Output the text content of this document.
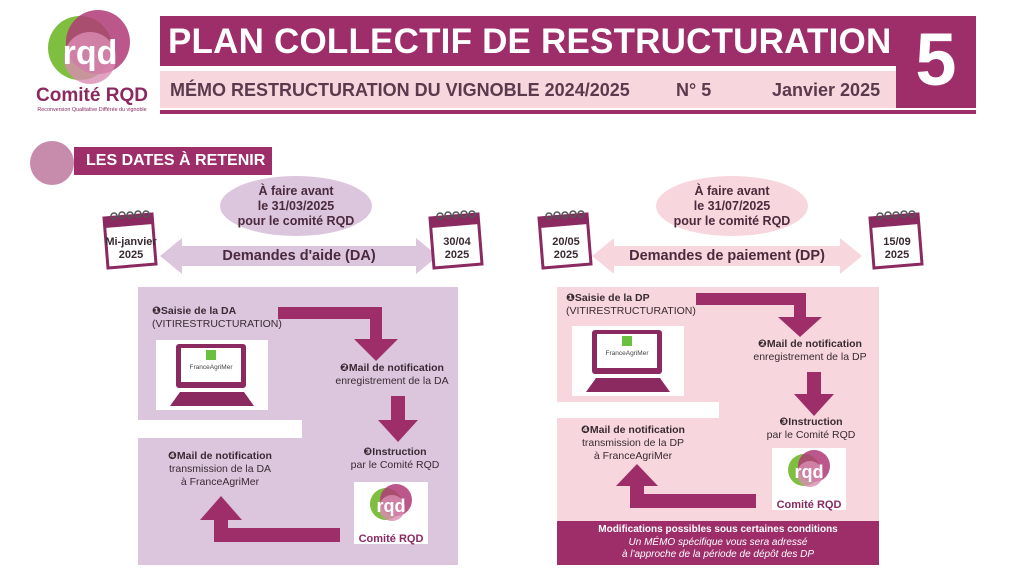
rqd
Comité RQD
Reconversion Qualitative Différée du vignoble
PLAN COLLECTIF DE RESTRUCTURATION
MÉMO RESTRUCTURATION DU VIGNOBLE 2024/2025	N° 5	Janvier 2025 5
LES DATES À RETENIR
À faire avant
le 31/03/2025
pour le comité RQD
Demandes d'aide (DA)
Mi-janvier
2025
30/04
2025
❶Saisie de la DA
(VITIRESTRUCTURATION)
FranceAgriMer	❷Mail de notification
enregistrement de la DA
❸Instruction
par le Comité RQD
rqd
Comité RQD
❹Mail de notification
transmission de la DA
à FranceAgriMer
À faire avant
le 31/07/2025
pour le comité RQD
Demandes de paiement (DP)
20/05
2025
15/09
2025
❶Saisie de la DP
(VITIRESTRUCTURATION)
FranceAgriMer
❷Mail de notification
enregistrement de la DP
❸Instruction
par le Comité RQD
rqd
Comité RQD
❹Mail de notification
transmission de la DP
à FranceAgriMer
Modifications possibles sous certaines conditions
Un MÉMO spécifique vous sera adressé
à l'approche de la période de dépôt des DP
